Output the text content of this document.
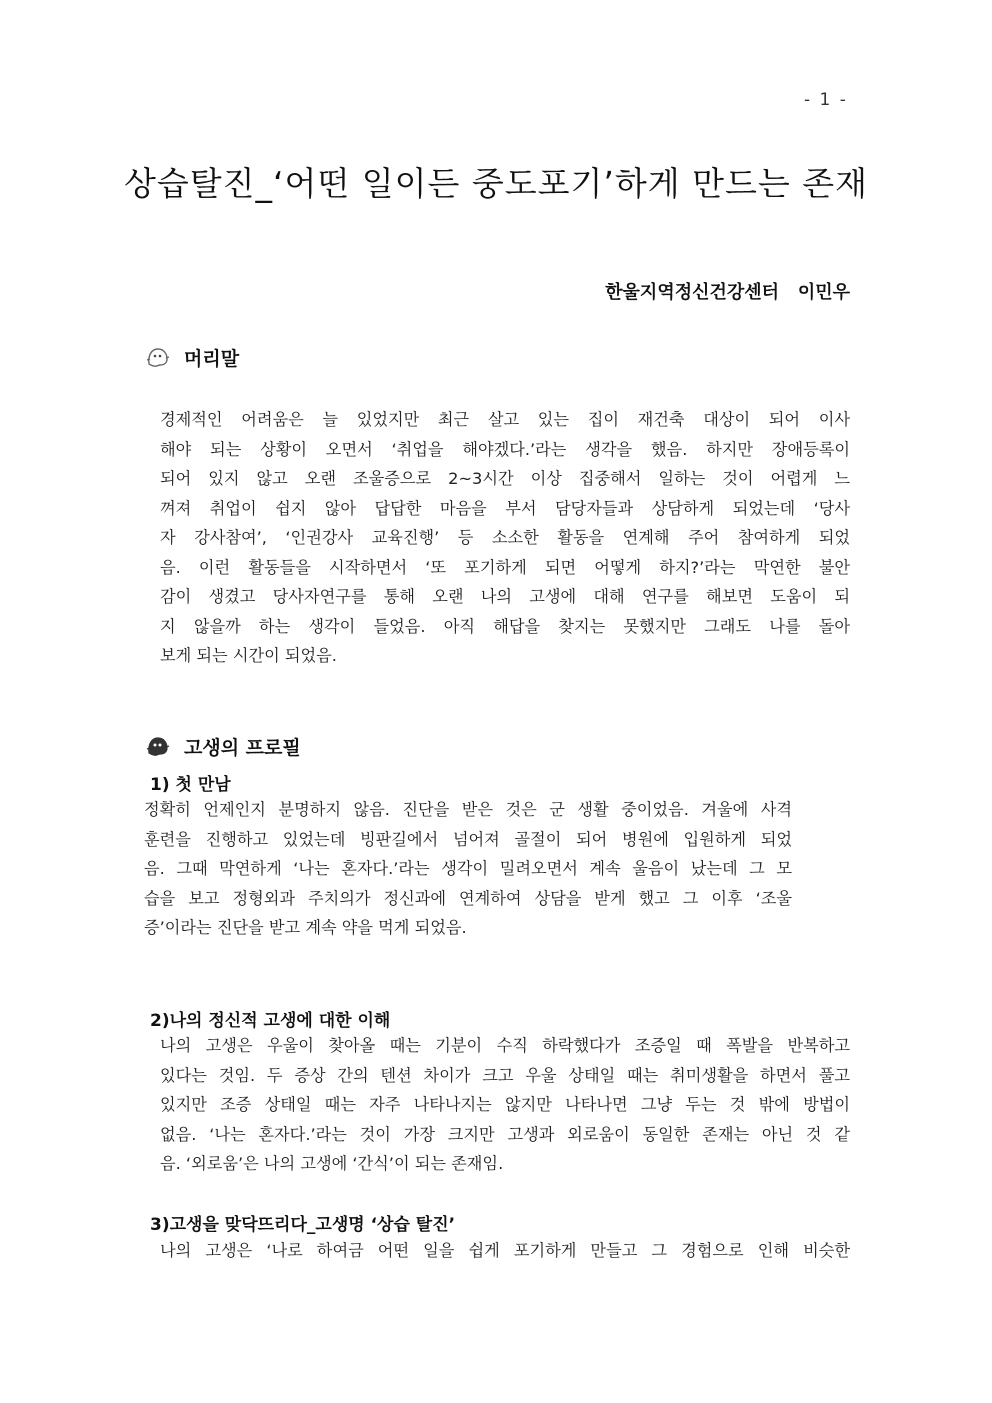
- 1 -
상습탈진_‘어떤 일이든 중도포기’하게 만드는 존재
한울지역정신건강센터   이민우
머리말
경제적인 어려움은 늘 있었지만 최근 살고 있는 집이 재건축 대상이 되어 이사
해야 되는 상황이 오면서 ‘취업을 해야겠다.’라는 생각을 했음. 하지만 장애등록이
되어 있지 않고 오랜 조울증으로 2~3시간 이상 집중해서 일하는 것이 어렵게 느
껴져 취업이 쉽지 않아 답답한 마음을 부서 담당자들과 상담하게 되었는데 ‘당사
자 강사참여’, ‘인권강사 교육진행’ 등 소소한 활동을 연계해 주어 참여하게 되었
음. 이런 활동들을 시작하면서 ‘또 포기하게 되면 어떻게 하지?’라는 막연한 불안
감이 생겼고 당사자연구를 통해 오랜 나의 고생에 대해 연구를 해보면 도움이 되
지 않을까 하는 생각이 들었음. 아직 해답을 찾지는 못했지만 그래도 나를 돌아
보게 되는 시간이 되었음.
고생의 프로필
1) 첫 만남
정확히 언제인지 분명하지 않음. 진단을 받은 것은 군 생활 중이었음. 겨울에 사격
훈련을 진행하고 있었는데 빙판길에서 넘어져 골절이 되어 병원에 입원하게 되었
음. 그때 막연하게 ‘나는 혼자다.’라는 생각이 밀려오면서 계속 울음이 났는데 그 모
습을 보고 정형외과 주치의가 정신과에 연계하여 상담을 받게 했고 그 이후 ‘조울
증’이라는 진단을 받고 계속 약을 먹게 되었음.
2)나의 정신적 고생에 대한 이해
나의 고생은 우울이 찾아올 때는 기분이 수직 하락했다가 조증일 때 폭발을 반복하고
있다는 것임. 두 증상 간의 텐션 차이가 크고 우울 상태일 때는 취미생활을 하면서 풀고
있지만 조증 상태일 때는 자주 나타나지는 않지만 나타나면 그냥 두는 것 밖에 방법이
없음. ‘나는 혼자다.’라는 것이 가장 크지만 고생과 외로움이 동일한 존재는 아닌 것 같
음. ‘외로움’은 나의 고생에 ‘간식’이 되는 존재임.
3)고생을 맞닥뜨리다_고생명 ‘상습 탈진’
나의 고생은 ‘나로 하여금 어떤 일을 쉽게 포기하게 만들고 그 경험으로 인해 비슷한
